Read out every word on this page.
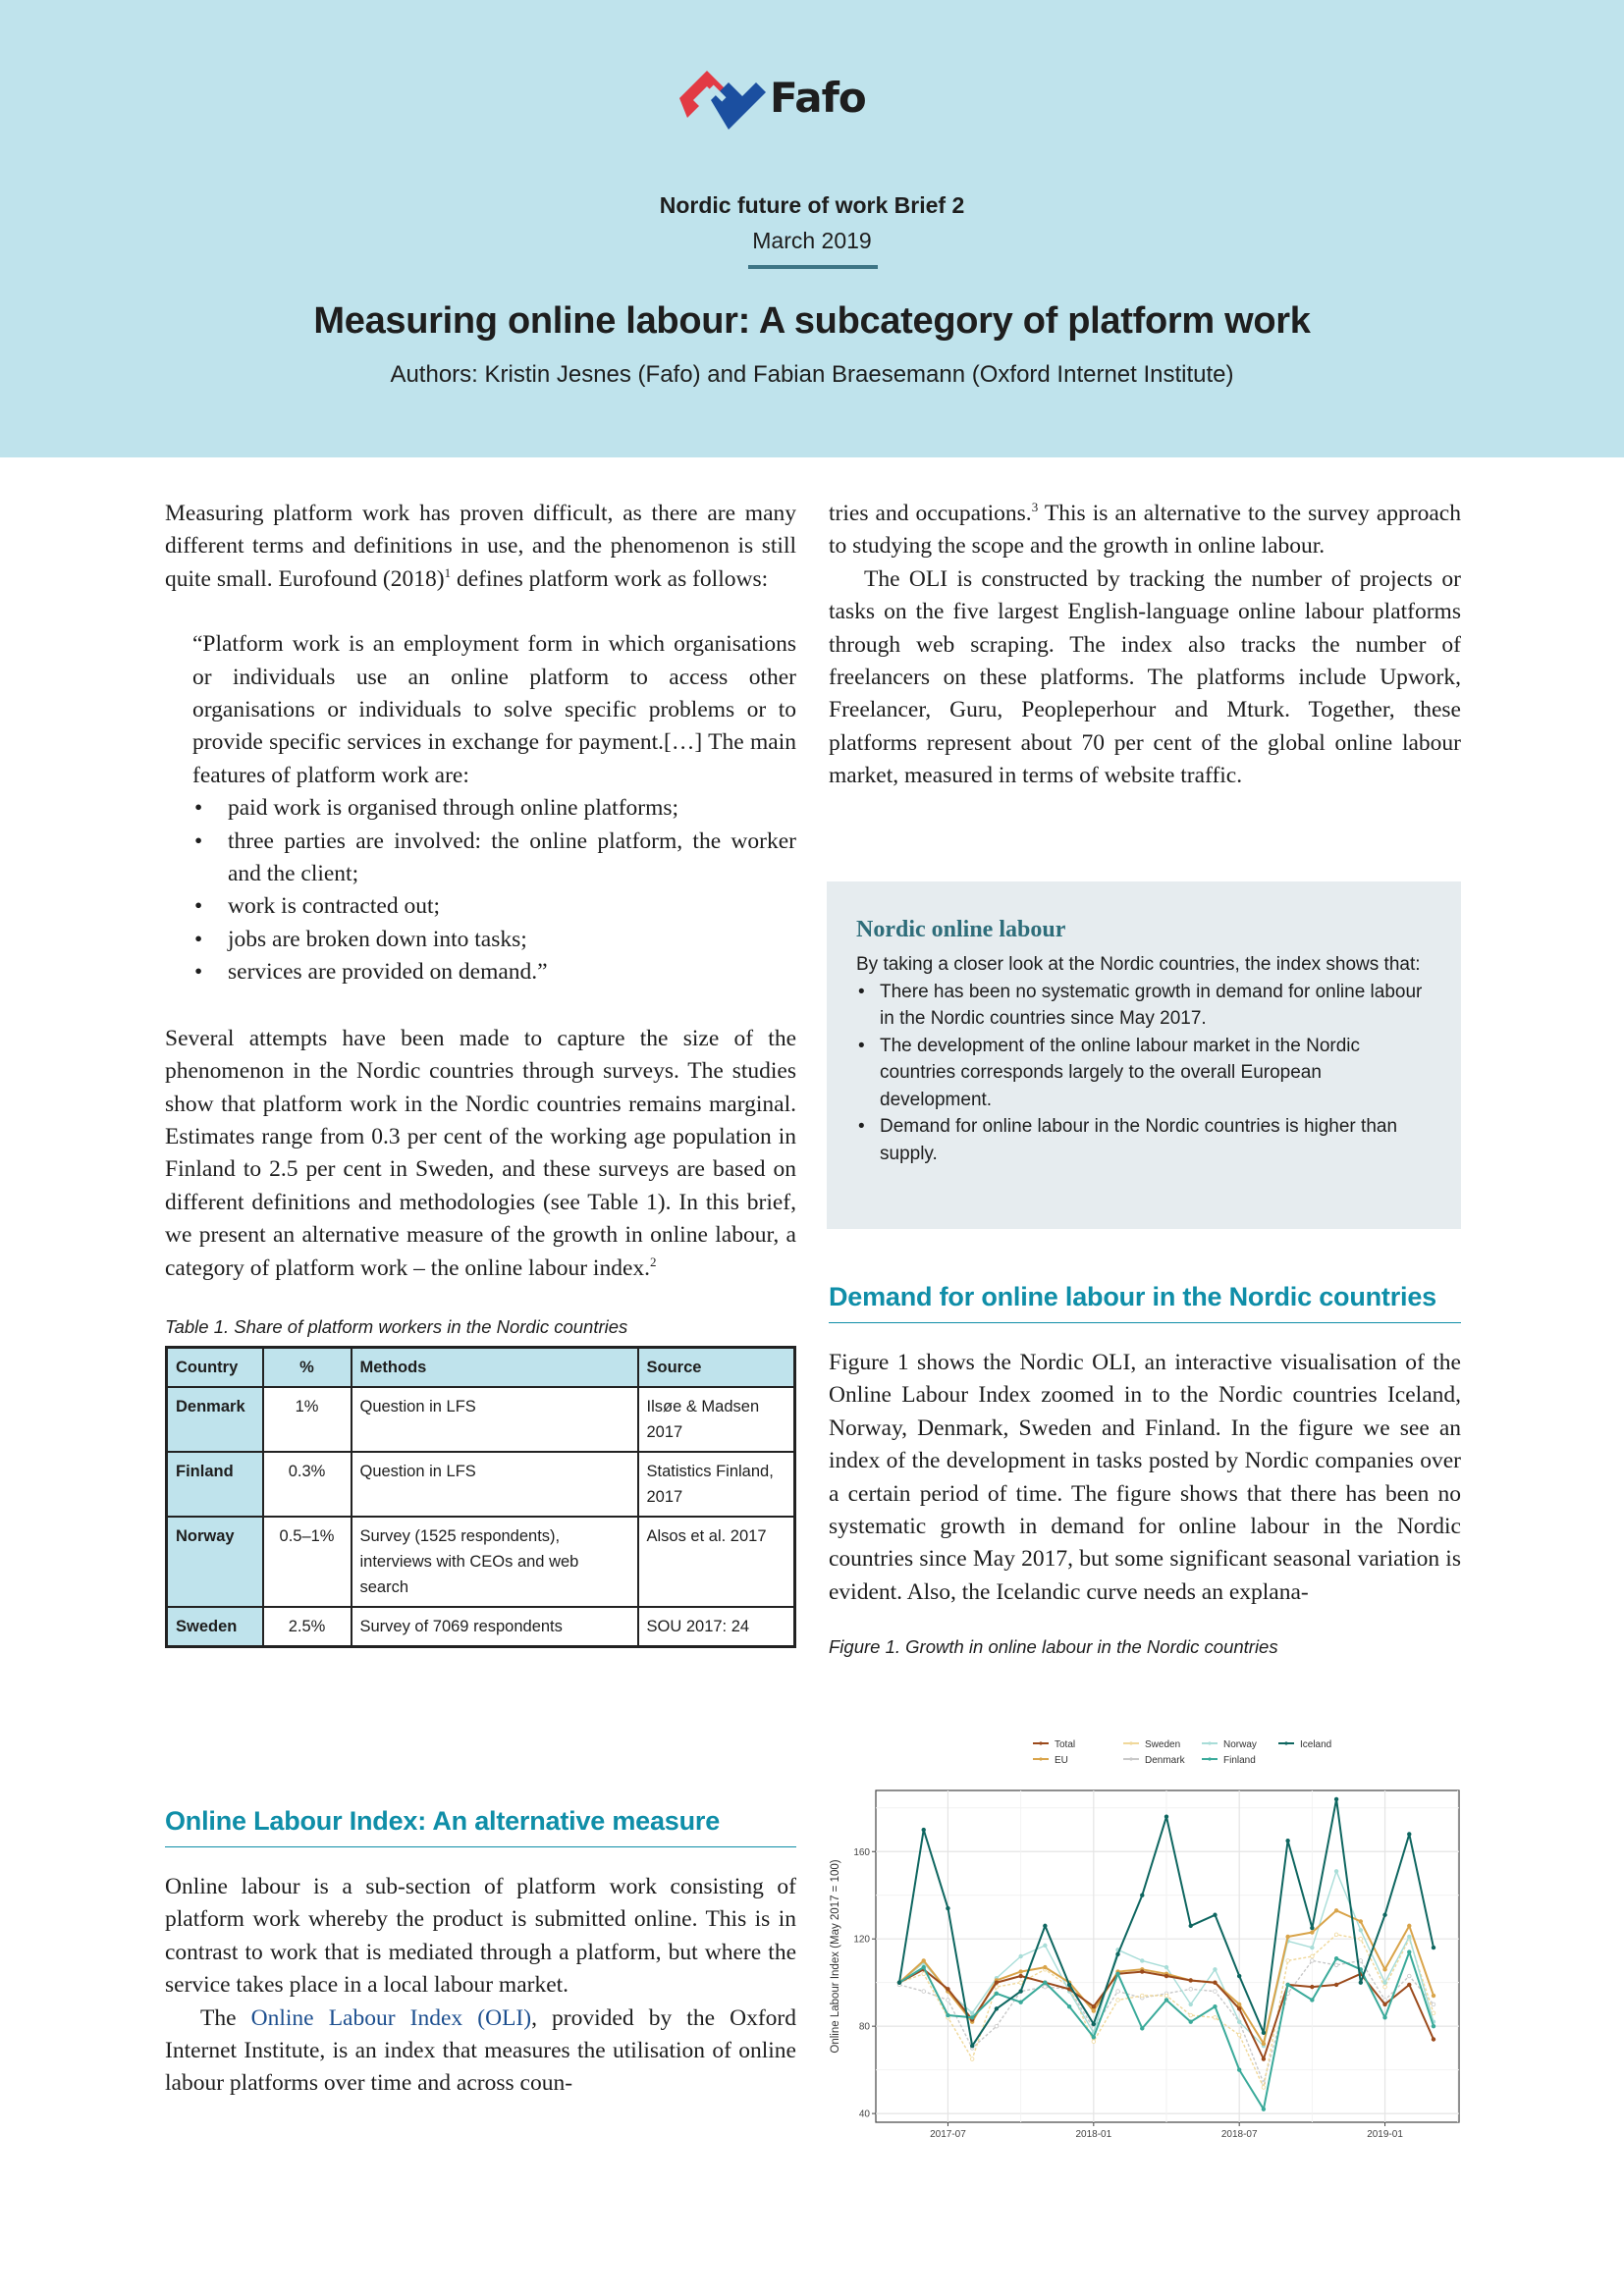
Fafo
Nordic future of work Brief 2
March 2019
Measuring online labour: A subcategory of platform work
Authors: Kristin Jesnes (Fafo) and Fabian Braesemann (Oxford Internet Institute)

Measuring platform work has proven difficult, as there are many different terms and definitions in use, and the phenomenon is still quite small. Eurofound $(2018)^1$ defines platform work as follows:

“Platform work is an employment form in which organisations or individuals use an online platform to access other organisations or individuals to solve specific problems or to provide specific services in exchange for payment.[…] The main features of platform work are:
• paid work is organised through online platforms;
• three parties are involved: the online platform, the worker and the client;
• work is contracted out;
• jobs are broken down into tasks;
• services are provided on demand.”

Several attempts have been made to capture the size of the phenomenon in the Nordic countries through surveys. The studies show that platform work in the Nordic countries remains marginal. Estimates range from 0.3 per cent of the working age population in Finland to 2.5 per cent in Sweden, and these surveys are based on different definitions and methodologies (see Table 1). In this brief, we present an alternative measure of the growth in online labour, a category of platform work – the online labour index.$^2$

Table 1. Share of platform workers in the Nordic countries
Country	%	Methods	Source
Denmark	1%	Question in LFS	Ilsøe & Madsen 2017
Finland	0.3%	Question in LFS	Statistics Finland, 2017
Norway	0.5–1%	Survey (1525 respondents), interviews with CEOs and web search	Alsos et al. 2017
Sweden	2.5%	Survey of 7069 respondents	SOU 2017: 24
Online Labour Index: An alternative measure

Online labour is a sub-section of platform work consisting of platform work whereby the product is submitted online. This is in contrast to work that is mediated through a platform, but where the service takes place in a local labour market.

The Online Labour Index (OLI), provided by the Oxford Internet Institute, is an index that measures the utilisation of online labour platforms over time and across coun-

tries and occupations.$^3$ This is an alternative to the survey approach to studying the scope and the growth in online labour.

The OLI is constructed by tracking the number of projects or tasks on the five largest English-language online labour platforms through web scraping. The index also tracks the number of freelancers on these platforms. The platforms include Upwork, Freelancer, Guru, Peopleperhour and Mturk. Together, these platforms represent about 70 per cent of the global online labour market, measured in terms of website traffic.

Nordic online labour

By taking a closer look at the Nordic countries, the index shows that:

• There has been no systematic growth in demand for online labour in the Nordic countries since May 2017.
• The development of the online labour market in the Nordic countries corresponds largely to the overall European development.
• Demand for online labour in the Nordic countries is higher than supply.
Demand for online labour in the Nordic countries

Figure 1 shows the Nordic OLI, an interactive visualisation of the Online Labour Index zoomed in to the Nordic countries Iceland, Norway, Denmark, Sweden and Finland. In the figure we see an index of the development in tasks posted by Nordic companies over a certain period of time. The figure shows that there has been no systematic growth in demand for online labour in the Nordic countries since May 2017, but some significant seasonal variation is evident. Also, the Icelandic curve needs an explana-

Figure 1. Growth in online labour in the Nordic countries
Total
EU
Sweden
Denmark
Norway
Finland
Iceland
40
80
120
160
2017-07	2018-01	2018-07	2019-01
Online Labour Index (May 2017 = 100)
